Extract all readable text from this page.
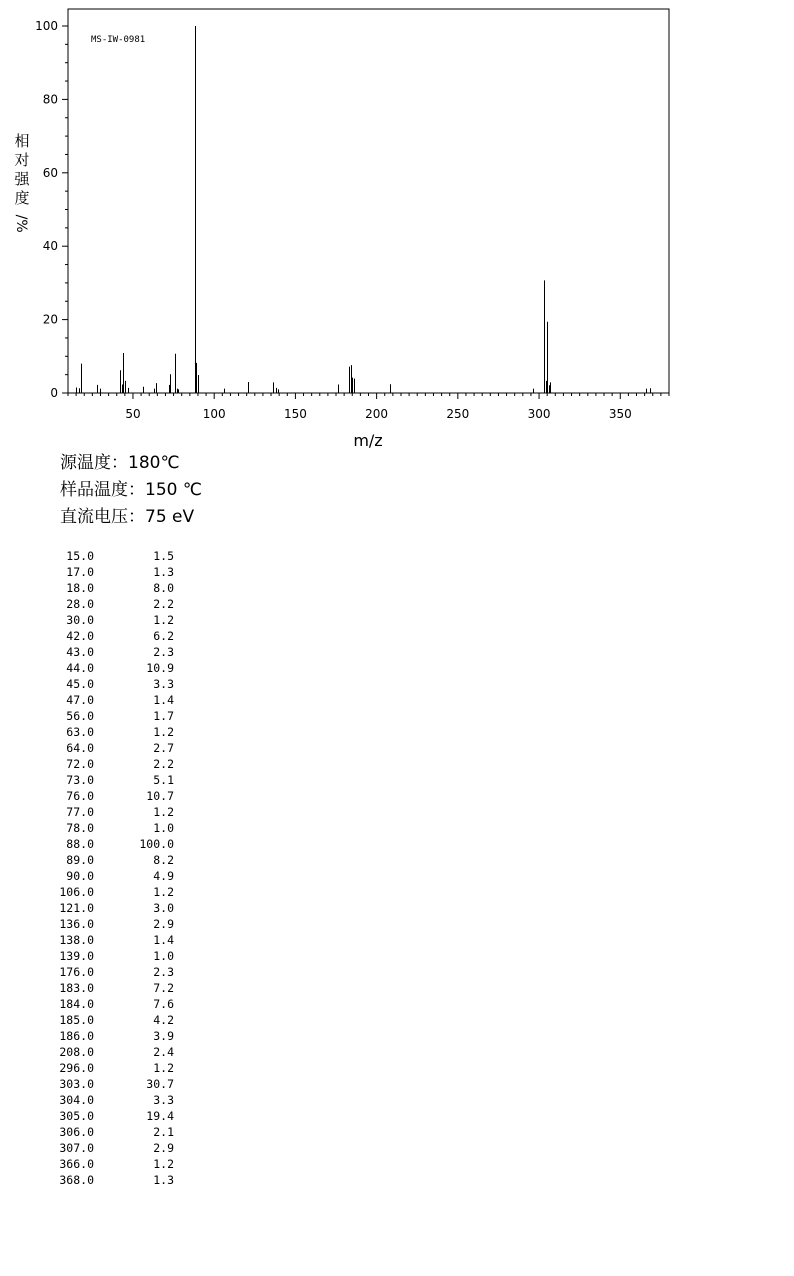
MS-IW-0981
50	100	150	200	250	300	350
0
20
40
60
80
100
m/z
相
对
强
度
/
%
源温度：180℃
样品温度：150 ℃
直流电压：75 eV
15.0	1.5
17.0	1.3
18.0	8.0
28.0	2.2
30.0	1.2
42.0	6.2
43.0	2.3
44.0	10.9
45.0	3.3
47.0	1.4
56.0	1.7
63.0	1.2
64.0	2.7
72.0	2.2
73.0	5.1
76.0	10.7
77.0	1.2
78.0	1.0
88.0	100.0
89.0	8.2
90.0	4.9
106.0	1.2
121.0	3.0
136.0	2.9
138.0	1.4
139.0	1.0
176.0	2.3
183.0	7.2
184.0	7.6
185.0	4.2
186.0	3.9
208.0	2.4
296.0	1.2
303.0	30.7
304.0	3.3
305.0	19.4
306.0	2.1
307.0	2.9
366.0	1.2
368.0	1.3
